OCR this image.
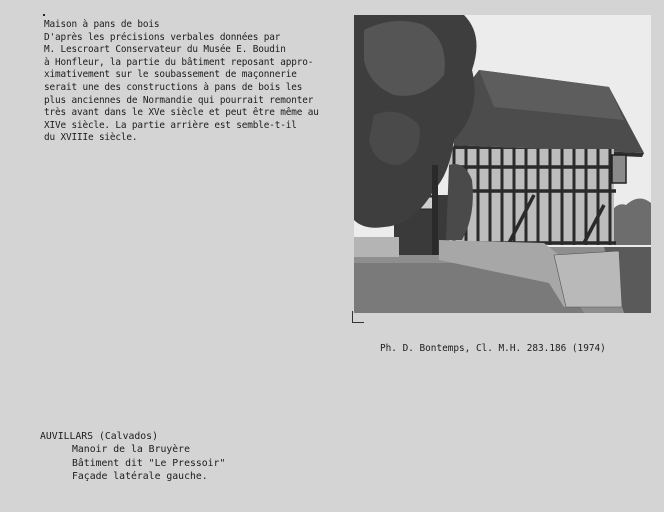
Maison à pans de bois
D'après les précisions verbales données par
M. Lescroart Conservateur du Musée E. Boudin
à Honfleur, la partie du bâtiment reposant appro-
ximativement sur le soubassement de maçonnerie
serait une des constructions à pans de bois les
plus anciennes de Normandie qui pourrait remonter
très avant dans le XVe siècle et peut être même au
XIVe siècle. La partie arrière est semble-t-il
du XVIIIe siècle.
Ph. D. Bontemps, Cl. M.H. 283.186 (1974)
AUVILLARS (Calvados)
Manoir de la Bruyère
Bâtiment dit "Le Pressoir"
Façade latérale gauche.
